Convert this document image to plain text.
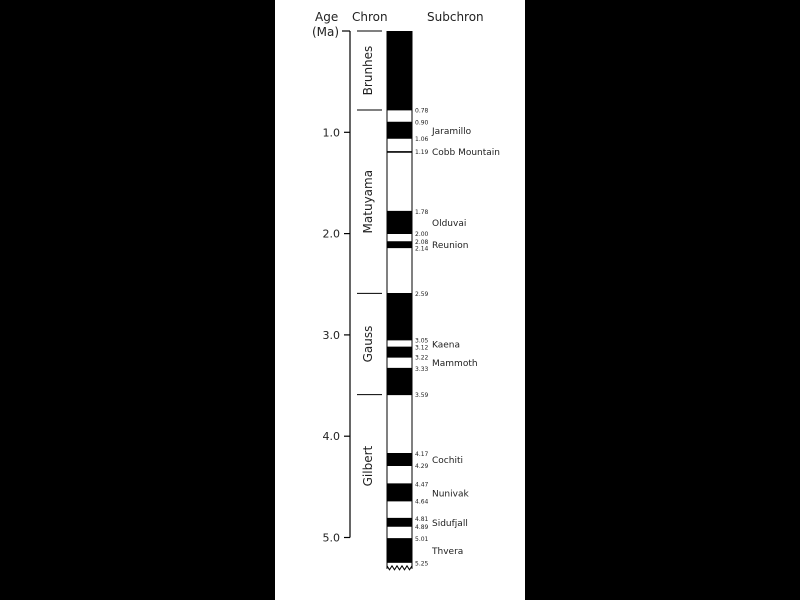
Age
(Ma)
Chron	Subchron
1.0
2.0
3.0
4.0
5.0
Brunhes
Matuyama
Gauss
Gilbert
0.78
0.90
1.06
1.19
1.78
2.00
2.08
2.14
2.59
3.05
3.12
3.22
3.33
3.59
4.17
4.29
4.47
4.64
4.81
4.89
5.01
5.25
Jaramillo
Cobb Mountain
Olduvai
Reunion
Kaena
Mammoth
Cochiti
Nunivak
Sidufjall
Thvera
